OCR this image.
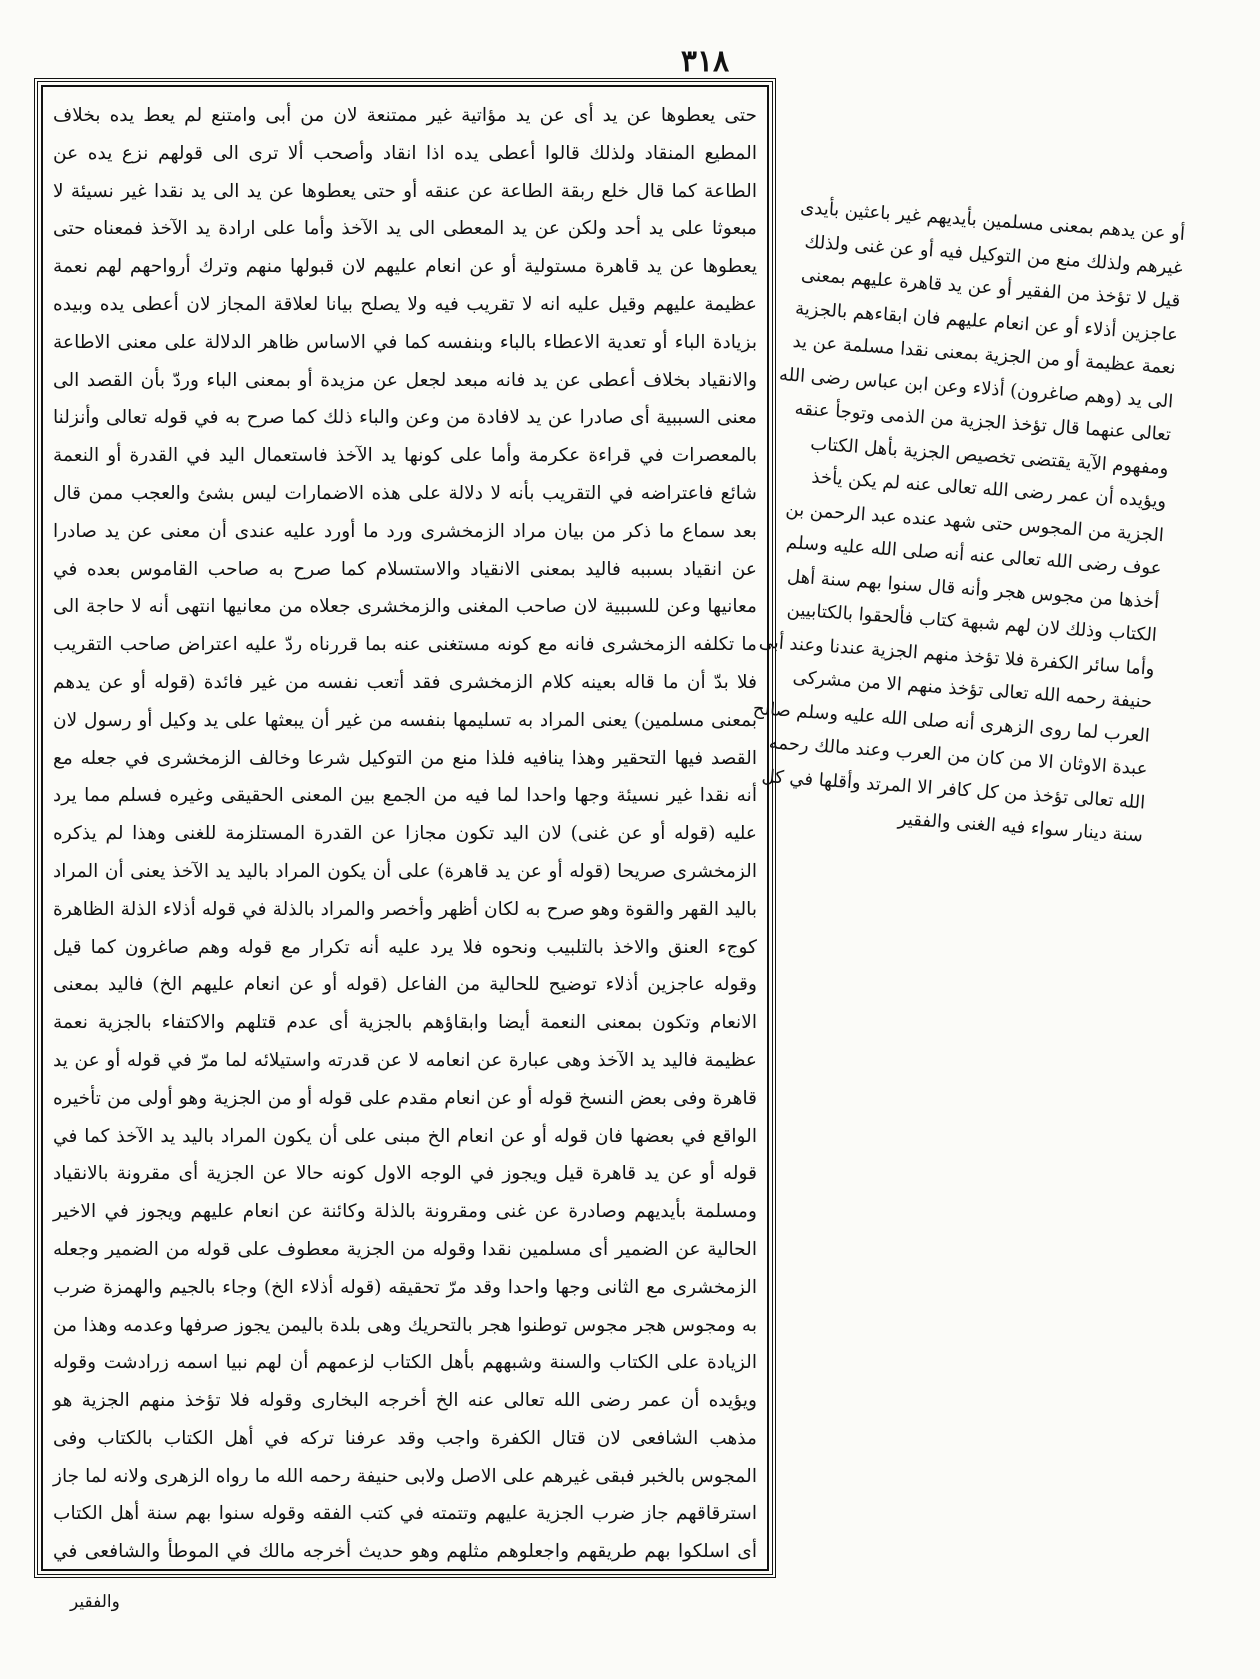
٣١٨

حتى يعطوها عن يد أى عن يد مؤاتية غير ممتنعة لان من أبى وامتنع لم يعط يده بخلاف المطيع المنقاد ولذلك قالوا أعطى يده اذا انقاد وأصحب ألا ترى الى قولهم نزع يده عن الطاعة كما قال خلع ربقة الطاعة عن عنقه أو حتى يعطوها عن يد الى يد نقدا غير نسيئة لا مبعوثا على يد أحد ولكن عن يد المعطى الى يد الآخذ وأما على ارادة يد الآخذ فمعناه حتى يعطوها عن يد قاهرة مستولية أو عن انعام عليهم لان قبولها منهم وترك أرواحهم لهم نعمة عظيمة عليهم وقيل عليه انه لا تقريب فيه ولا يصلح بيانا لعلاقة المجاز لان أعطى يده وبيده بزيادة الباء أو تعدية الاعطاء بالباء وبنفسه كما في الاساس ظاهر الدلالة على معنى الاطاعة والانقياد بخلاف أعطى عن يد فانه مبعد لجعل عن مزيدة أو بمعنى الباء وردّ بأن القصد الى معنى السببية أى صادرا عن يد لافادة من وعن والباء ذلك كما صرح به في قوله تعالى وأنزلنا بالمعصرات في قراءة عكرمة وأما على كونها يد الآخذ فاستعمال اليد في القدرة أو النعمة شائع فاعتراضه في التقريب بأنه لا دلالة على هذه الاضمارات ليس بشئ والعجب ممن قال بعد سماع ما ذكر من بيان مراد الزمخشرى ورد ما أورد عليه عندى أن معنى عن يد صادرا عن انقياد بسببه فاليد بمعنى الانقياد والاستسلام كما صرح به صاحب القاموس بعده في معانيها وعن للسببية لان صاحب المغنى والزمخشرى جعلاه من معانيها انتهى أنه لا حاجة الى ما تكلفه الزمخشرى فانه مع كونه مستغنى عنه بما قررناه ردّ عليه اعتراض صاحب التقريب فلا بدّ أن ما قاله بعينه كلام الزمخشرى فقد أتعب نفسه من غير فائدة (قوله أو عن يدهم بمعنى مسلمين) يعنى المراد به تسليمها بنفسه من غير أن يبعثها على يد وكيل أو رسول لان القصد فيها التحقير وهذا ينافيه فلذا منع من التوكيل شرعا وخالف الزمخشرى في جعله مع أنه نقدا غير نسيئة وجها واحدا لما فيه من الجمع بين المعنى الحقيقى وغيره فسلم مما يرد عليه (قوله أو عن غنى) لان اليد تكون مجازا عن القدرة المستلزمة للغنى وهذا لم يذكره الزمخشرى صريحا (قوله أو عن يد قاهرة) على أن يكون المراد باليد يد الآخذ يعنى أن المراد باليد القهر والقوة وهو صرح به لكان أظهر وأخصر والمراد بالذلة في قوله أذلاء الذلة الظاهرة كوجء العنق والاخذ بالتلبيب ونحوه فلا يرد عليه أنه تكرار مع قوله وهم صاغرون كما قيل وقوله عاجزين أذلاء توضيح للحالية من الفاعل (قوله أو عن انعام عليهم الخ) فاليد بمعنى الانعام وتكون بمعنى النعمة أيضا وابقاؤهم بالجزية أى عدم قتلهم والاكتفاء بالجزية نعمة عظيمة فاليد يد الآخذ وهى عبارة عن انعامه لا عن قدرته واستيلائه لما مرّ في قوله أو عن يد قاهرة وفى بعض النسخ قوله أو عن انعام مقدم على قوله أو من الجزية وهو أولى من تأخيره الواقع في بعضها فان قوله أو عن انعام الخ مبنى على أن يكون المراد باليد يد الآخذ كما في قوله أو عن يد قاهرة قيل ويجوز في الوجه الاول كونه حالا عن الجزية أى مقرونة بالانقياد ومسلمة بأيديهم وصادرة عن غنى ومقرونة بالذلة وكائنة عن انعام عليهم ويجوز في الاخير الحالية عن الضمير أى مسلمين نقدا وقوله من الجزية معطوف على قوله من الضمير وجعله الزمخشرى مع الثانى وجها واحدا وقد مرّ تحقيقه (قوله أذلاء الخ) وجاء بالجيم والهمزة ضرب به ومجوس هجر مجوس توطنوا هجر بالتحريك وهى بلدة باليمن يجوز صرفها وعدمه وهذا من الزيادة على الكتاب والسنة وشبههم بأهل الكتاب لزعمهم أن لهم نبيا اسمه زرادشت وقوله ويؤيده أن عمر رضى الله تعالى عنه الخ أخرجه البخارى وقوله فلا تؤخذ منهم الجزية هو مذهب الشافعى لان قتال الكفرة واجب وقد عرفنا تركه في أهل الكتاب بالكتاب وفى المجوس بالخبر فبقى غيرهم على الاصل ولابى حنيفة رحمه الله ما رواه الزهرى ولانه لما جاز استرقاقهم جاز ضرب الجزية عليهم وتتمته في كتب الفقه وقوله سنوا بهم سنة أهل الكتاب أى اسلكوا بهم طريقهم واجعلوهم مثلهم وهو حديث أخرجه مالك في الموطأ والشافعى في

والفقير

أو عن يدهم بمعنى مسلمين بأيديهم غير باعثين بأيدى غيرهم ولذلك منع من التوكيل فيه أو عن غنى ولذلك قيل لا تؤخذ من الفقير أو عن يد قاهرة عليهم بمعنى عاجزين أذلاء أو عن انعام عليهم فان ابقاءهم بالجزية نعمة عظيمة أو من الجزية بمعنى نقدا مسلمة عن يد الى يد (وهم صاغرون) أذلاء وعن ابن عباس رضى الله تعالى عنهما قال تؤخذ الجزية من الذمى وتوجأ عنقه ومفهوم الآية يقتضى تخصيص الجزية بأهل الكتاب ويؤيده أن عمر رضى الله تعالى عنه لم يكن يأخذ الجزية من المجوس حتى شهد عنده عبد الرحمن بن عوف رضى الله تعالى عنه أنه صلى الله عليه وسلم أخذها من مجوس هجر وأنه قال سنوا بهم سنة أهل الكتاب وذلك لان لهم شبهة كتاب فألحقوا بالكتابيين وأما سائر الكفرة فلا تؤخذ منهم الجزية عندنا وعند أبى حنيفة رحمه الله تعالى تؤخذ منهم الا من مشركى العرب لما روى الزهرى أنه صلى الله عليه وسلم صالح عبدة الاوثان الا من كان من العرب وعند مالك رحمه الله تعالى تؤخذ من كل كافر الا المرتد وأقلها في كل سنة دينار سواء فيه الغنى والفقير
